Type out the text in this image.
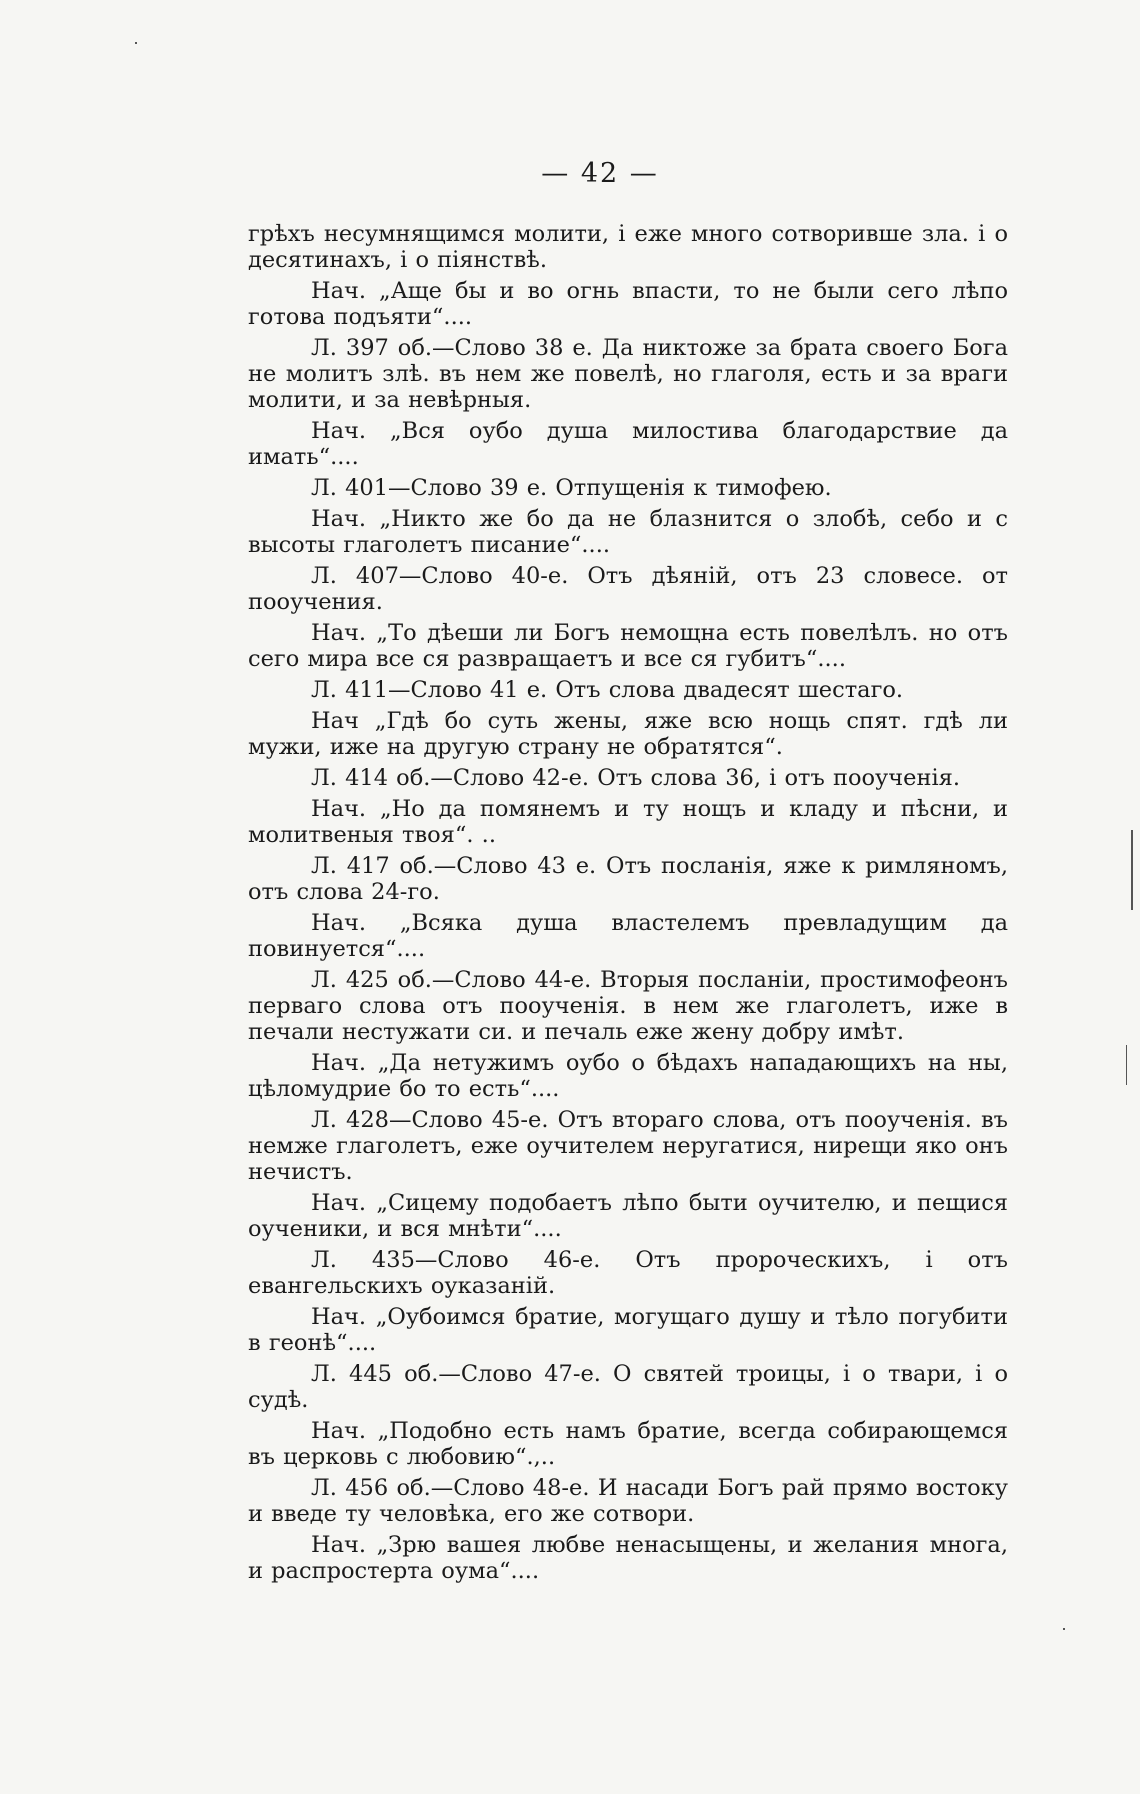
— 42 —

грѣхъ несумнящимся молити, і еже много сотворивше зла. і о десятинахъ, і о піянствѣ.

Нач. „Аще бы и во огнь впасти, то не были сего лѣпо готова подъяти“....

Л. 397 об.—Слово 38 е. Да никтоже за брата своего Бога не молитъ злѣ. въ нем же повелѣ, но глаголя, есть и за враги молити, и за невѣрныя.

Нач. „Вся оубо душа милостива благодарствие да имать“....

Л. 401—Слово 39 е. Отпущенія к тимофею.

Нач. „Никто же бо да не блазнится о злобѣ, себо и с высоты глаголетъ писание“....

Л. 407—Слово 40-е. Отъ дѣяній, отъ 23 словесе. от пооучения.

Нач. „То дѣеши ли Богъ немощна есть повелѣлъ. но отъ сего мира все ся развращаетъ и все ся губитъ“....

Л. 411—Слово 41 е. Отъ слова двадесят шестаго.

Нач „Гдѣ бо суть жены, яже всю нощь спят. гдѣ ли мужи, иже на другую страну не обратятся“.

Л. 414 об.—Слово 42-е. Отъ слова 36, і отъ пооученія.

Нач. „Но да помянемъ и ту нощъ и кладу и пѣсни, и молитвеныя твоя“. ..

Л. 417 об.—Слово 43 е. Отъ посланія, яже к римляномъ, отъ слова 24-го.

Нач. „Всяка душа властелемъ превладущим да повинуется“....

Л. 425 об.—Слово 44-е. Вторыя посланіи, простимофеонъ перваго слова отъ пооученія. в нем же глаголетъ, иже в печали нестужати си. и печаль еже жену добру имѣт.

Нач. „Да нетужимъ оубо о бѣдахъ нападающихъ на ны, цѣломудрие бо то есть“....

Л. 428—Слово 45-е. Отъ втораго слова, отъ пооученія. въ немже глаголетъ, еже оучителем неругатися, нирещи яко онъ нечистъ.

Нач. „Сицему подобаетъ лѣпо быти оучителю, и пещися оученики, и вся мнѣти“....

Л. 435—Слово 46-е. Отъ пророческихъ, і отъ евангельскихъ оуказаній.

Нач. „Оубоимся братие, могущаго душу и тѣло погубити в геонѣ“....

Л. 445 об.—Слово 47-е. О святей троицы, і о твари, і о судѣ.

Нач. „Подобно есть намъ братие, всегда собирающемся въ церковь с любовию“.,..

Л. 456 об.—Слово 48-е. И насади Богъ рай прямо востоку и введе ту человѣка, его же сотвори.

Нач. „Зрю вашея любве ненасыщены, и желания многа, и распростерта оума“....
